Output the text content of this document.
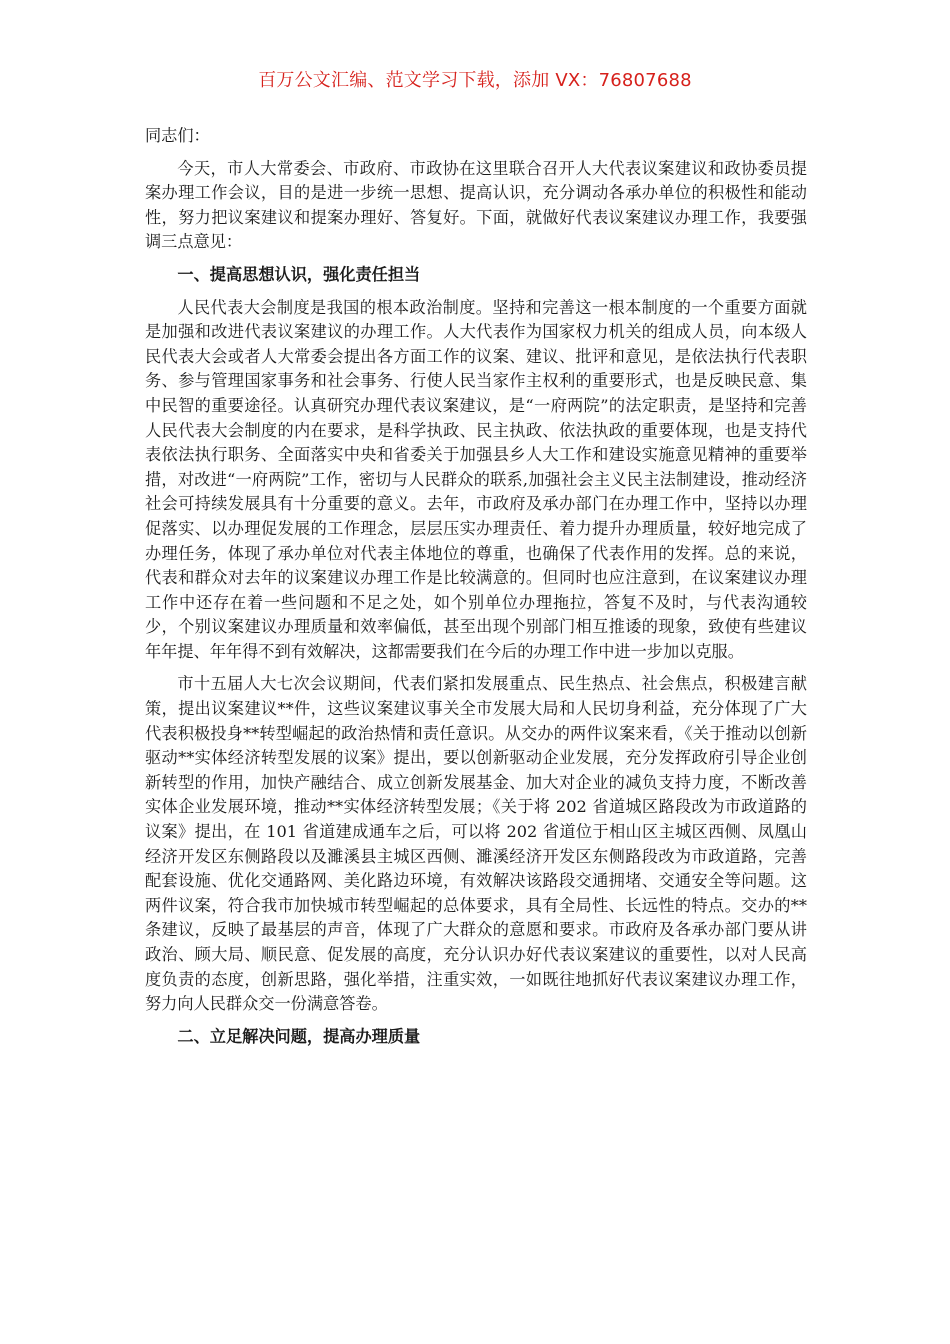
百万公文汇编、范文学习下载，添加 VX：76807688

同志们：

今天，市人大常委会、市政府、市政协在这里联合召开人大代表议案建议和政协委员提案办理工作会议，目的是进一步统一思想、提高认识，充分调动各承办单位的积极性和能动性，努力把议案建议和提案办理好、答复好。下面，就做好代表议案建议办理工作，我要强调三点意见：

一、提高思想认识，强化责任担当

人民代表大会制度是我国的根本政治制度。坚持和完善这一根本制度的一个重要方面就是加强和改进代表议案建议的办理工作。人大代表作为国家权力机关的组成人员，向本级人民代表大会或者人大常委会提出各方面工作的议案、建议、批评和意见，是依法执行代表职务、参与管理国家事务和社会事务、行使人民当家作主权利的重要形式，也是反映民意、集中民智的重要途径。认真研究办理代表议案建议，是“一府两院”的法定职责，是坚持和完善人民代表大会制度的内在要求，是科学执政、民主执政、依法执政的重要体现，也是支持代表依法执行职务、全面落实中央和省委关于加强县乡人大工作和建设实施意见精神的重要举措，对改进“一府两院”工作，密切与人民群众的联系,加强社会主义民主法制建设，推动经济社会可持续发展具有十分重要的意义。去年，市政府及承办部门在办理工作中，坚持以办理促落实、以办理促发展的工作理念，层层压实办理责任、着力提升办理质量，较好地完成了办理任务，体现了承办单位对代表主体地位的尊重，也确保了代表作用的发挥。总的来说，代表和群众对去年的议案建议办理工作是比较满意的。但同时也应注意到，在议案建议办理工作中还存在着一些问题和不足之处，如个别单位办理拖拉，答复不及时，与代表沟通较少，个别议案建议办理质量和效率偏低，甚至出现个别部门相互推诿的现象，致使有些建议年年提、年年得不到有效解决，这都需要我们在今后的办理工作中进一步加以克服。

市十五届人大七次会议期间，代表们紧扣发展重点、民生热点、社会焦点，积极建言献策，提出议案建议**件，这些议案建议事关全市发展大局和人民切身利益，充分体现了广大代表积极投身**转型崛起的政治热情和责任意识。从交办的两件议案来看，《关于推动以创新驱动**实体经济转型发展的议案》提出，要以创新驱动企业发展，充分发挥政府引导企业创新转型的作用，加快产融结合、成立创新发展基金、加大对企业的减负支持力度，不断改善实体企业发展环境，推动**实体经济转型发展；《关于将 202 省道城区路段改为市政道路的议案》提出，在 101 省道建成通车之后，可以将 202 省道位于相山区主城区西侧、凤凰山经济开发区东侧路段以及濉溪县主城区西侧、濉溪经济开发区东侧路段改为市政道路，完善配套设施、优化交通路网、美化路边环境，有效解决该路段交通拥堵、交通安全等问题。这两件议案，符合我市加快城市转型崛起的总体要求，具有全局性、长远性的特点。交办的**条建议，反映了最基层的声音，体现了广大群众的意愿和要求。市政府及各承办部门要从讲政治、顾大局、顺民意、促发展的高度，充分认识办好代表议案建议的重要性，以对人民高度负责的态度，创新思路，强化举措，注重实效，一如既往地抓好代表议案建议办理工作，努力向人民群众交一份满意答卷。

二、立足解决问题，提高办理质量
